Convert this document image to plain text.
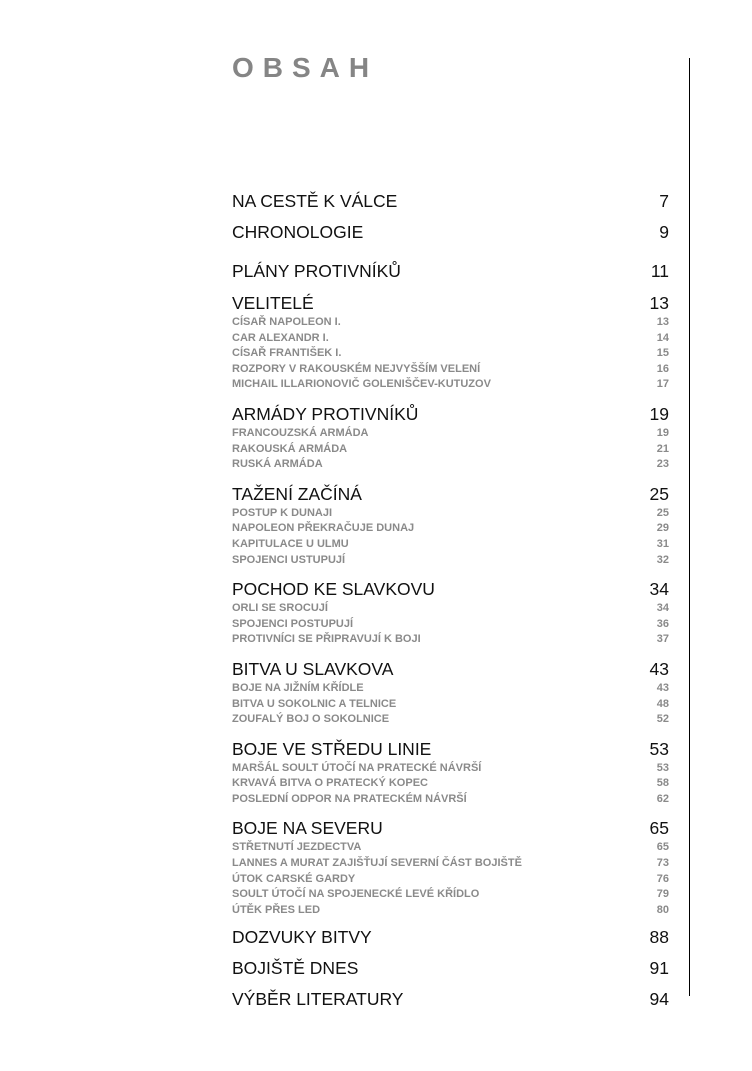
OBSAH
NA CESTĚ K VÁLCE	7
CHRONOLOGIE	9
PLÁNY PROTIVNÍKŮ	11
VELITELÉ	13
CÍSAŘ NAPOLEON I.	13
CAR ALEXANDR I.	14
CÍSAŘ FRANTIŠEK I.	15
ROZPORY V RAKOUSKÉM NEJVYŠŠÍM VELENÍ	16
MICHAIL ILLARIONOVIČ GOLENIŠČEV-KUTUZOV	17
ARMÁDY PROTIVNÍKŮ	19
FRANCOUZSKÁ ARMÁDA	19
RAKOUSKÁ ARMÁDA	21
RUSKÁ ARMÁDA	23
TAŽENÍ ZAČÍNÁ	25
POSTUP K DUNAJI	25
NAPOLEON PŘEKRAČUJE DUNAJ	29
KAPITULACE U ULMU	31
SPOJENCI USTUPUJÍ	32
POCHOD KE SLAVKOVU	34
ORLI SE SROCUJÍ	34
SPOJENCI POSTUPUJÍ	36
PROTIVNÍCI SE PŘIPRAVUJÍ K BOJI	37
BITVA U SLAVKOVA	43
BOJE NA JIŽNÍM KŘÍDLE	43
BITVA U SOKOLNIC A TELNICE	48
ZOUFALÝ BOJ O SOKOLNICE	52
BOJE VE STŘEDU LINIE	53
MARŠÁL SOULT ÚTOČÍ NA PRATECKÉ NÁVRŠÍ	53
KRVAVÁ BITVA O PRATECKÝ KOPEC	58
POSLEDNÍ ODPOR NA PRATECKÉM NÁVRŠÍ	62
BOJE NA SEVERU	65
STŘETNUTÍ JEZDECTVA	65
LANNES A MURAT ZAJIŠŤUJÍ SEVERNÍ ČÁST BOJIŠTĚ	73
ÚTOK CARSKÉ GARDY	76
SOULT ÚTOČÍ NA SPOJENECKÉ LEVÉ KŘÍDLO	79
ÚTĚK PŘES LED	80
DOZVUKY BITVY	88
BOJIŠTĚ DNES	91
VÝBĚR LITERATURY	94
